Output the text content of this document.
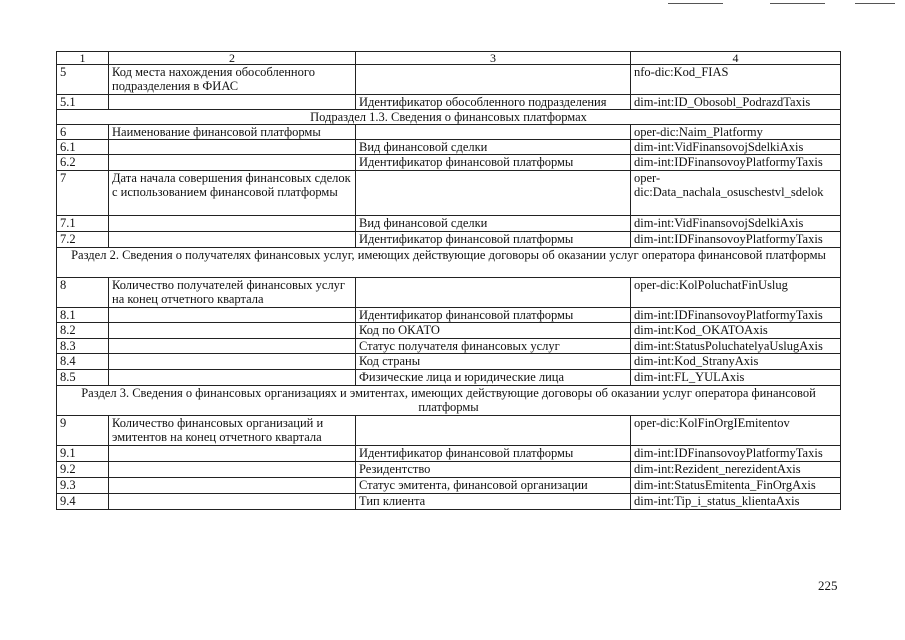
1	2	3	4
5	Код места нахождения обособленного подразделения в ФИАС		nfo-dic:Kod_FIAS
5.1		Идентификатор обособленного подразделения	dim-int:ID_Obosobl_PodrazdTaxis
Подраздел 1.3. Сведения о финансовых платформах			
6	Наименование финансовой платформы		oper-dic:Naim_Platformy
6.1		Вид финансовой сделки	dim-int:VidFinansovojSdelkiAxis
6.2		Идентификатор финансовой платформы	dim-int:IDFinansovoyPlatformyTaxis
7	Дата начала совершения финансовых сделок с использованием финансовой платформы		oper-dic:Data_nachala_osuschestvl_sdelok
7.1		Вид финансовой сделки	dim-int:VidFinansovojSdelkiAxis
7.2		Идентификатор финансовой платформы	dim-int:IDFinansovoyPlatformyTaxis
Раздел 2. Сведения о получателях финансовых услуг, имеющих действующие договоры об оказании услуг оператора финансовой платформы			
8	Количество получателей финансовых услуг на конец отчетного квартала		oper-dic:KolPoluchatFinUslug
8.1		Идентификатор финансовой платформы	dim-int:IDFinansovoyPlatformyTaxis
8.2		Код по ОКАТО	dim-int:Kod_OKATOAxis
8.3		Статус получателя финансовых услуг	dim-int:StatusPoluchatelyaUslugAxis
8.4		Код страны	dim-int:Kod_StranyAxis
8.5		Физические лица и юридические лица	dim-int:FL_YULAxis
Раздел 3. Сведения о финансовых организациях и эмитентах, имеющих действующие договоры об оказании услуг оператора финансовой платформы			
9	Количество финансовых организаций и эмитентов на конец отчетного квартала		oper-dic:KolFinOrgIEmitentov
9.1		Идентификатор финансовой платформы	dim-int:IDFinansovoyPlatformyTaxis
9.2		Резидентство	dim-int:Rezident_nerezidentAxis
9.3		Статус эмитента, финансовой организации	dim-int:StatusEmitenta_FinOrgAxis
9.4		Тип клиента	dim-int:Tip_i_status_klientaAxis
225
